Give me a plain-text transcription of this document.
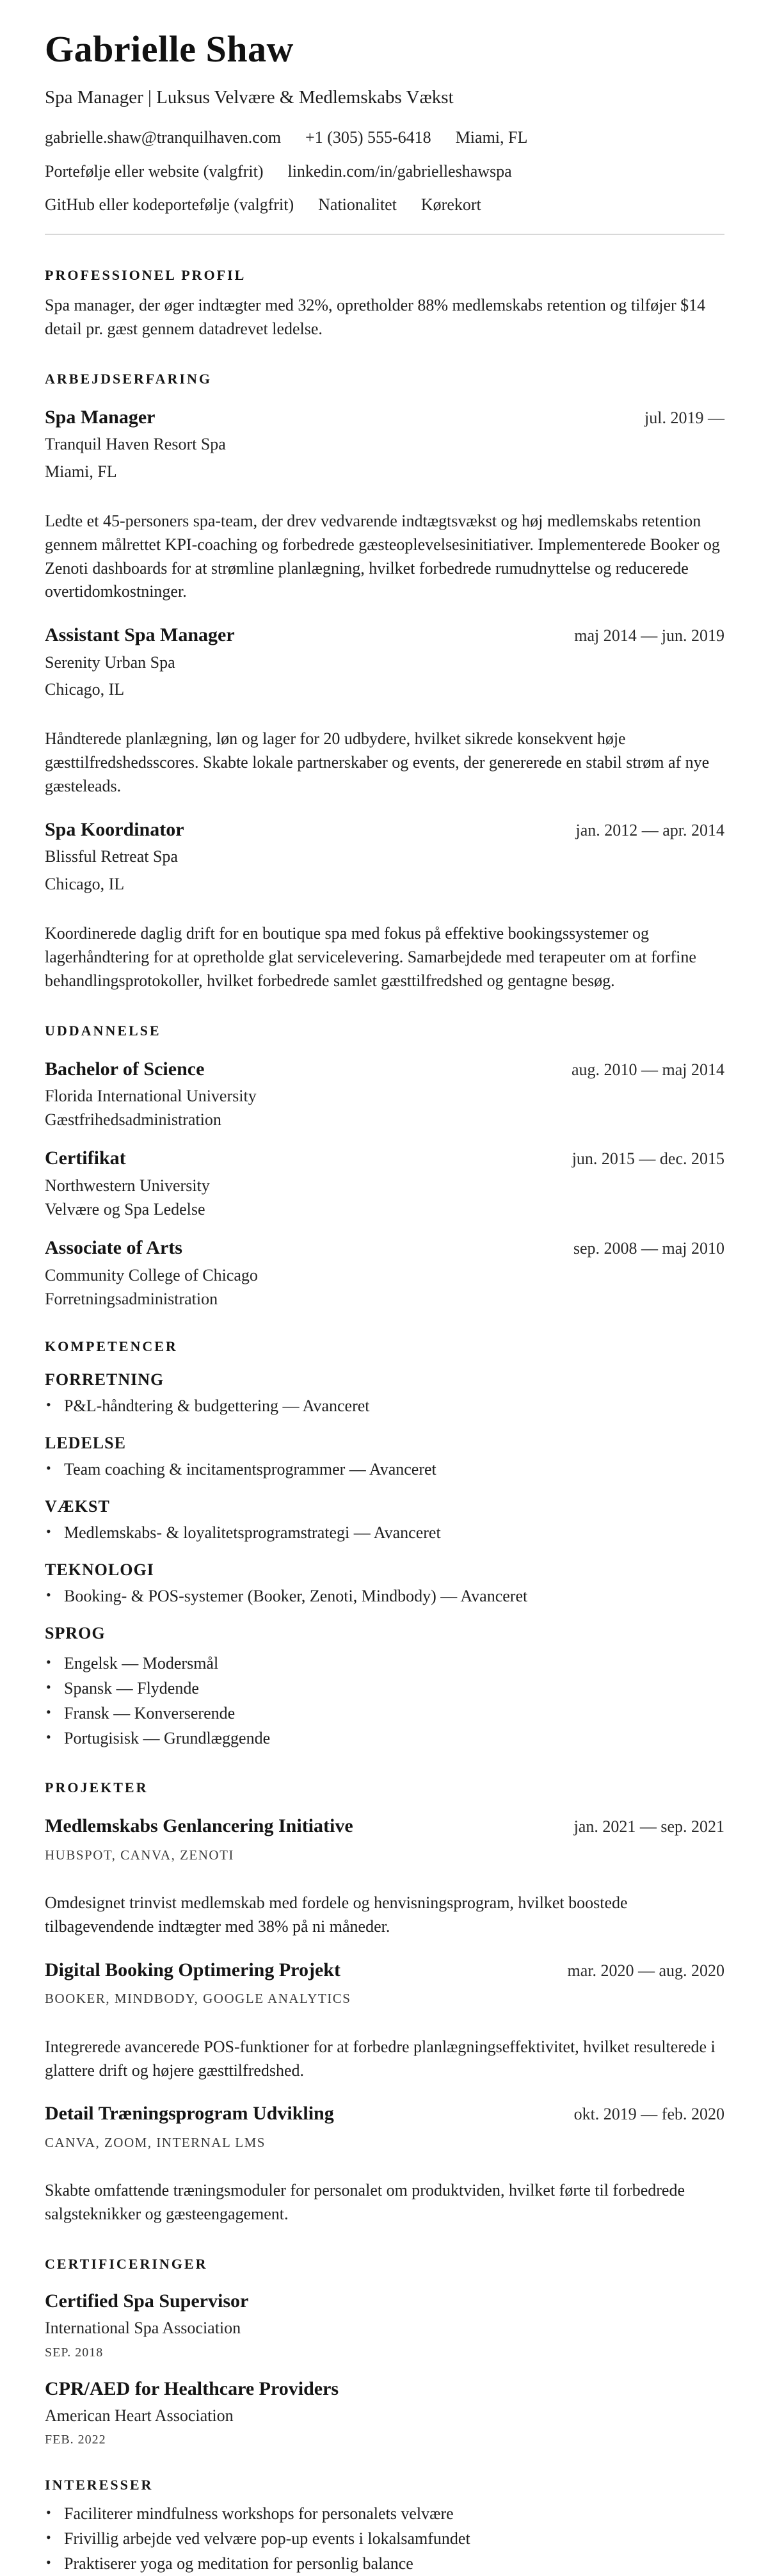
Gabrielle Shaw
Spa Manager | Luksus Velvære & Medlemskabs Vækst
gabrielle.shaw@tranquilhaven.com +1 (305) 555-6418 Miami, FL
Portefølje eller website (valgfrit) linkedin.com/in/gabrielleshawspa
GitHub eller kodeportefølje (valgfrit) Nationalitet Kørekort
PROFESSIONEL PROFIL
Spa manager, der øger indtægter med 32%, opretholder 88% medlemskabs retention og tilføjer $14 detail pr. gæst gennem datadrevet ledelse.
ARBEJDSERFARING
Spa Manager	jul. 2019 —
Tranquil Haven Resort Spa
Miami, FL
Ledte et 45-personers spa-team, der drev vedvarende indtægtsvækst og høj medlemskabs retention gennem målrettet KPI-coaching og forbedrede gæsteoplevelsesinitiativer. Implementerede Booker og Zenoti dashboards for at strømline planlægning, hvilket forbedrede rumudnyttelse og reducerede overtidomkostninger.
Assistant Spa Manager	maj 2014 — jun. 2019
Serenity Urban Spa
Chicago, IL
Håndterede planlægning, løn og lager for 20 udbydere, hvilket sikrede konsekvent høje gæsttilfredshedsscores. Skabte lokale partnerskaber og events, der genererede en stabil strøm af nye gæsteleads.
Spa Koordinator	jan. 2012 — apr. 2014
Blissful Retreat Spa
Chicago, IL
Koordinerede daglig drift for en boutique spa med fokus på effektive bookingssystemer og lagerhåndtering for at opretholde glat servicelevering. Samarbejdede med terapeuter om at forfine behandlingsprotokoller, hvilket forbedrede samlet gæsttilfredshed og gentagne besøg.
UDDANNELSE
Bachelor of Science	aug. 2010 — maj 2014
Florida International University
Gæstfrihedsadministration
Certifikat	jun. 2015 — dec. 2015
Northwestern University
Velvære og Spa Ledelse
Associate of Arts	sep. 2008 — maj 2010
Community College of Chicago
Forretningsadministration
KOMPETENCER
FORRETNING
• P&L-håndtering & budgettering — Avanceret
LEDELSE
• Team coaching & incitamentsprogrammer — Avanceret
VÆKST
• Medlemskabs- & loyalitetsprogramstrategi — Avanceret
TEKNOLOGI
• Booking- & POS-systemer (Booker, Zenoti, Mindbody) — Avanceret
SPROG
• Engelsk — Modersmål
• Spansk — Flydende
• Fransk — Konverserende
• Portugisisk — Grundlæggende
PROJEKTER
Medlemskabs Genlancering Initiative	jan. 2021 — sep. 2021
HUBSPOT, CANVA, ZENOTI
Omdesignet trinvist medlemskab med fordele og henvisningsprogram, hvilket boostede tilbagevendende indtægter med 38% på ni måneder.
Digital Booking Optimering Projekt	mar. 2020 — aug. 2020
BOOKER, MINDBODY, GOOGLE ANALYTICS
Integrerede avancerede POS-funktioner for at forbedre planlægningseffektivitet, hvilket resulterede i glattere drift og højere gæsttilfredshed.
Detail Træningsprogram Udvikling	okt. 2019 — feb. 2020
CANVA, ZOOM, INTERNAL LMS
Skabte omfattende træningsmoduler for personalet om produktviden, hvilket førte til forbedrede salgsteknikker og gæsteengagement.
CERTIFICERINGER
Certified Spa Supervisor
International Spa Association
SEP. 2018
CPR/AED for Healthcare Providers
American Heart Association
FEB. 2022
INTERESSER
• Faciliterer mindfulness workshops for personalets velvære
• Frivillig arbejde ved velvære pop-up events i lokalsamfundet
• Praktiserer yoga og meditation for personlig balance
